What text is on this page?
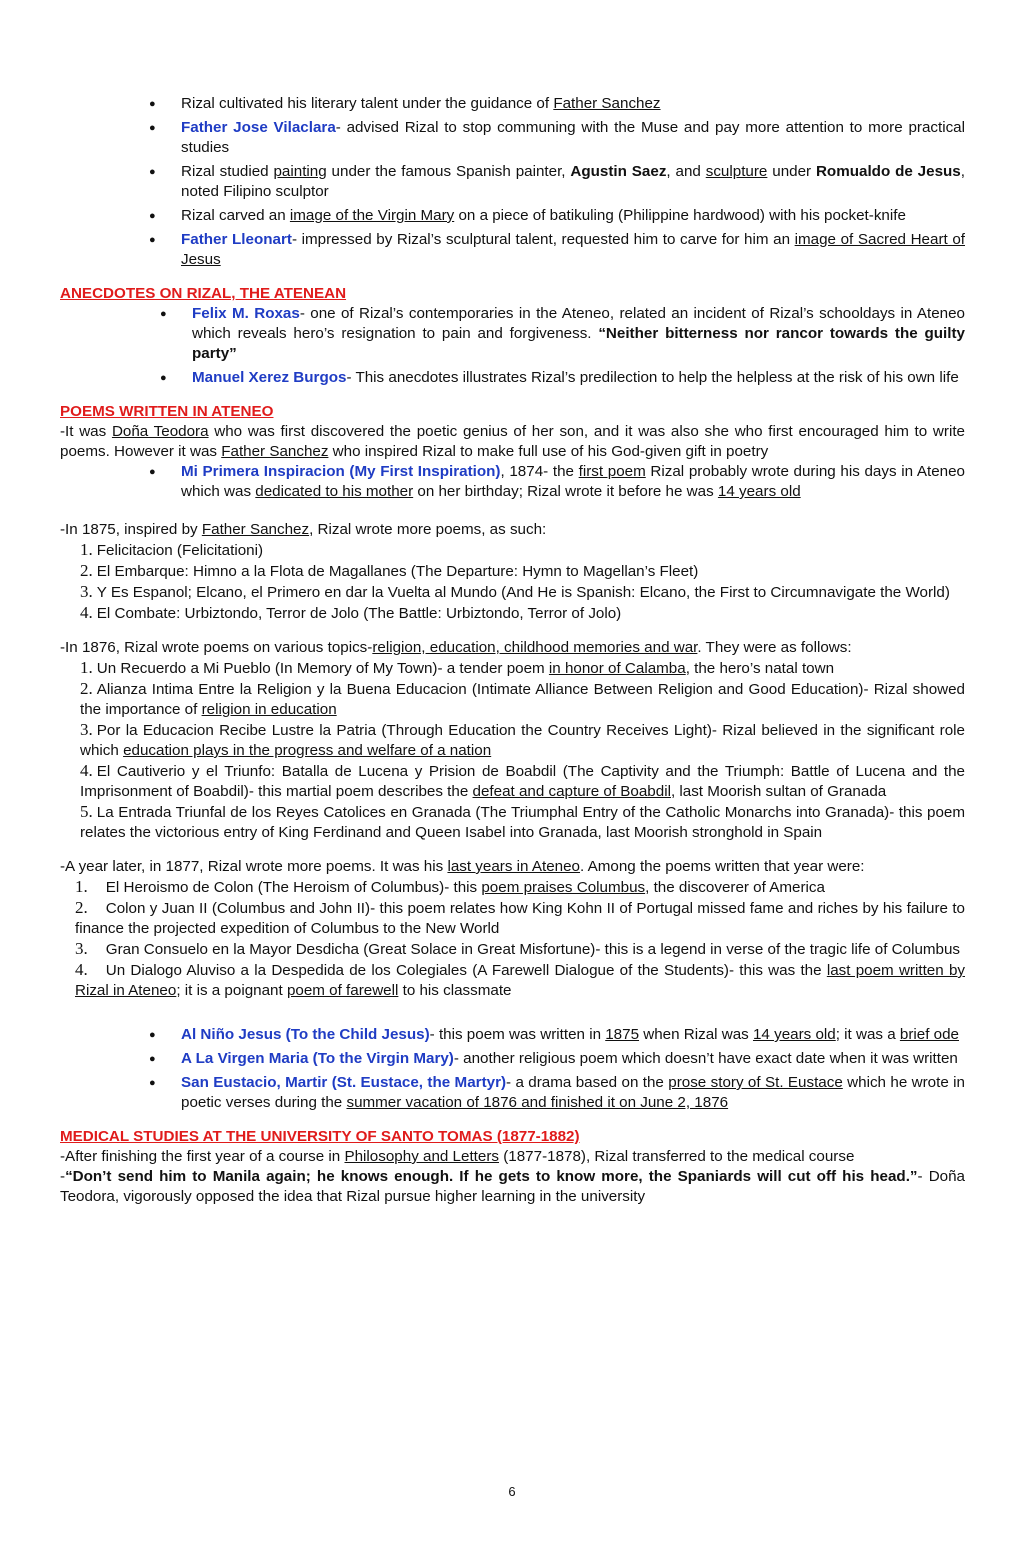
● Rizal cultivated his literary talent under the guidance of Father Sanchez
● Father Jose Vilaclara- advised Rizal to stop communing with the Muse and pay more attention to more practical studies
● Rizal studied painting under the famous Spanish painter, Agustin Saez, and sculpture under Romualdo de Jesus, noted Filipino sculptor
● Rizal carved an image of the Virgin Mary on a piece of batikuling (Philippine hardwood) with his pocket-knife
● Father Lleonart- impressed by Rizal’s sculptural talent, requested him to carve for him an image of Sacred Heart of Jesus
ANECDOTES ON RIZAL, THE ATENEAN
● Felix M. Roxas- one of Rizal’s contemporaries in the Ateneo, related an incident of Rizal’s schooldays in Ateneo which reveals hero’s resignation to pain and forgiveness. “Neither bitterness nor rancor towards the guilty party”
● Manuel Xerez Burgos- This anecdotes illustrates Rizal’s predilection to help the helpless at the risk of his own life
POEMS WRITTEN IN ATENEO

-It was Doña Teodora who was first discovered the poetic genius of her son, and it was also she who first encouraged him to write poems. However it was Father Sanchez who inspired Rizal to make full use of his God-given gift in poetry

● Mi Primera Inspiracion (My First Inspiration), 1874- the first poem Rizal probably wrote during his days in Ateneo which was dedicated to his mother on her birthday; Rizal wrote it before he was 14 years old

-In 1875, inspired by Father Sanchez, Rizal wrote more poems, as such:

1. Felicitacion (Felicitationi)
2. El Embarque: Himno a la Flota de Magallanes (The Departure: Hymn to Magellan’s Fleet)
3. Y Es Espanol; Elcano, el Primero en dar la Vuelta al Mundo (And He is Spanish: Elcano, the First to Circumnavigate the World)
4. El Combate: Urbiztondo, Terror de Jolo (The Battle: Urbiztondo, Terror of Jolo)

-In 1876, Rizal wrote poems on various topics-religion, education, childhood memories and war. They were as follows:

1. Un Recuerdo a Mi Pueblo (In Memory of My Town)- a tender poem in honor of Calamba, the hero’s natal town
2. Alianza Intima Entre la Religion y la Buena Educacion (Intimate Alliance Between Religion and Good Education)- Rizal showed the importance of religion in education
3. Por la Educacion Recibe Lustre la Patria (Through Education the Country Receives Light)- Rizal believed in the significant role which education plays in the progress and welfare of a nation
4. El Cautiverio y el Triunfo: Batalla de Lucena y Prision de Boabdil (The Captivity and the Triumph: Battle of Lucena and the Imprisonment of Boabdil)- this martial poem describes the defeat and capture of Boabdil, last Moorish sultan of Granada
5. La Entrada Triunfal de los Reyes Catolices en Granada (The Triumphal Entry of the Catholic Monarchs into Granada)- this poem relates the victorious entry of King Ferdinand and Queen Isabel into Granada, last Moorish stronghold in Spain

-A year later, in 1877, Rizal wrote more poems. It was his last years in Ateneo. Among the poems written that year were:

1. El Heroismo de Colon (The Heroism of Columbus)- this poem praises Columbus, the discoverer of America
2. Colon y Juan II (Columbus and John II)- this poem relates how King Kohn II of Portugal missed fame and riches by his failure to finance the projected expedition of Columbus to the New World
3. Gran Consuelo en la Mayor Desdicha (Great Solace in Great Misfortune)- this is a legend in verse of the tragic life of Columbus
4. Un Dialogo Aluviso a la Despedida de los Colegiales (A Farewell Dialogue of the Students)- this was the last poem written by Rizal in Ateneo; it is a poignant poem of farewell to his classmate
● Al Niño Jesus (To the Child Jesus)- this poem was written in 1875 when Rizal was 14 years old; it was a brief ode
● A La Virgen Maria (To the Virgin Mary)- another religious poem which doesn’t have exact date when it was written
● San Eustacio, Martir (St. Eustace, the Martyr)- a drama based on the prose story of St. Eustace which he wrote in poetic verses during the summer vacation of 1876 and finished it on June 2, 1876
MEDICAL STUDIES AT THE UNIVERSITY OF SANTO TOMAS (1877-1882)

-After finishing the first year of a course in Philosophy and Letters (1877-1878), Rizal transferred to the medical course

-“Don’t send him to Manila again; he knows enough. If he gets to know more, the Spaniards will cut off his head.”- Doña Teodora, vigorously opposed the idea that Rizal pursue higher learning in the university

6
